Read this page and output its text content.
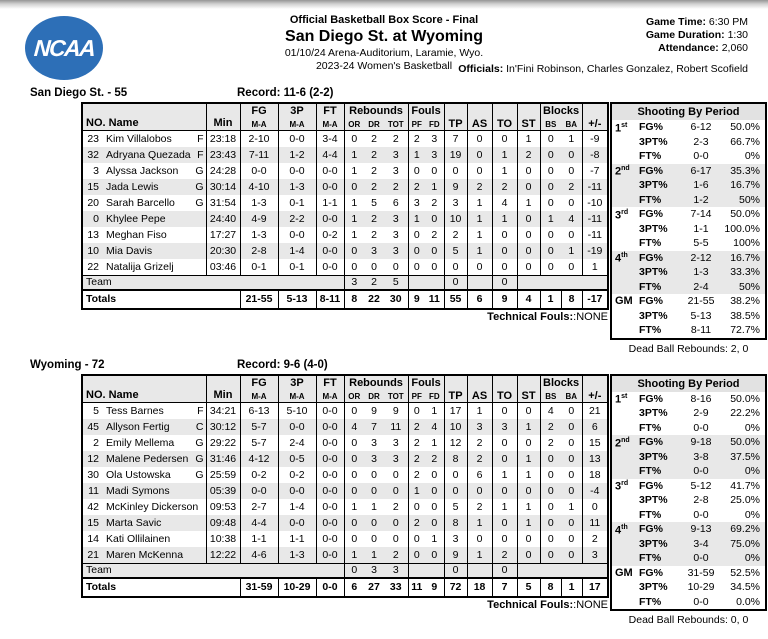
NCAA
®
Official Basketball Box Score - Final
San Diego St. at Wyoming
01/10/24 Arena-Auditorium, Laramie, Wyo.
2023-24 Women's Basketball
Game Time: 6:30 PM
Game Duration: 1:30
Attendance: 2,060
Officials: In'Fini Robinson, Charles Gonzalez, Robert Scofield
San Diego St. - 55	Record: 11-6 (2-2)
				FG	3P	FT	Rebounds			Fouls		TP	AS	TO	ST	Blocks		+/-
NO. Name			Min	M-A	M-A	M-A	OR	DR	TOT	PF	FD					BS	BA	
23	Kim Villalobos	F	23:18	2-10	0-0	3-4	0	2	2	2	3	7	0	0	1	0	1	-9
32	Adryana Quezada	F	23:43	7-11	1-2	4-4	1	2	3	1	3	19	0	1	2	0	0	-8
3	Alyssa Jackson	G	24:28	0-0	0-0	0-0	1	2	3	0	0	0	0	1	0	0	0	-7
15	Jada Lewis	G	30:14	4-10	1-3	0-0	0	2	2	2	1	9	2	2	0	0	2	-11
20	Sarah Barcello	G	31:54	1-3	0-1	1-1	1	5	6	3	2	3	1	4	1	0	0	-10
0	Khylee Pepe		24:40	4-9	2-2	0-0	1	2	3	1	0	10	1	1	0	1	4	-11
13	Meghan Fiso		17:27	1-3	0-0	0-2	1	2	3	0	2	2	1	0	0	0	0	-11
10	Mia Davis		20:30	2-8	1-4	0-0	0	3	3	0	0	5	1	0	0	0	1	-19
22	Natalija Grizelj		03:46	0-1	0-1	0-0	0	0	0	0	0	0	0	0	0	0	0	1
Team							3	2	5			0		0				
Totals				21-55	5-13	8-11	8	22	30	9	11	55	6	9	4	1	8	-17
Technical Fouls::NONE
Shooting By Period
1st	FG%	6-12	50.0%
3PT%	2-3	66.7%
FT%	0-0	0%
2nd FG%	6-17	35.3%
3PT%	1-6	16.7%
FT%	1-2	50%
3rd	FG%	7-14	50.0%
3PT%	1-1	100.0%
FT%	5-5	100%
4th	FG%	2-12	16.7%
3PT%	1-3	33.3%
FT%	2-4	50%
GM FG%	21-55	38.2%
3PT%	5-13	38.5%
FT%	8-11	72.7%
Dead Ball Rebounds: 2, 0
Wyoming - 72	Record: 9-6 (4-0)
				FG	3P	FT	Rebounds			Fouls		TP	AS	TO	ST	Blocks		+/-
NO. Name			Min	M-A	M-A	M-A	OR	DR	TOT	PF	FD					BS	BA	
5	Tess Barnes	F	34:21	6-13	5-10	0-0	0	9	9	0	1	17	1	0	0	4	0	21
45	Allyson Fertig	C	30:12	5-7	0-0	0-0	4	7	11	2	4	10	3	3	1	2	0	6
2	Emily Mellema	G	29:22	5-7	2-4	0-0	0	3	3	2	1	12	2	0	0	2	0	15
12	Malene Pedersen	G	31:46	4-12	0-5	0-0	0	3	3	2	2	8	2	0	1	0	0	13
30	Ola Ustowska	G	25:59	0-2	0-2	0-0	0	0	0	2	0	0	6	1	1	0	0	18
11	Madi Symons		05:39	0-0	0-0	0-0	0	0	0	1	0	0	0	0	0	0	0	-4
42	McKinley Dickerson		09:53	2-7	1-4	0-0	1	1	2	0	0	5	2	1	1	0	1	0
15	Marta Savic		09:48	4-4	0-0	0-0	0	0	0	2	0	8	1	0	1	0	0	11
14	Kati Ollilainen		10:38	1-1	1-1	0-0	0	0	0	0	1	3	0	0	0	0	0	2
21	Maren McKenna		12:22	4-6	1-3	0-0	1	1	2	0	0	9	1	2	0	0	0	3
Team							0	3	3			0		0				
Totals				31-59	10-29	0-0	6	27	33	11	9	72	18	7	5	8	1	17
Technical Fouls::NONE
Shooting By Period
1st	FG%	8-16	50.0%
3PT%	2-9	22.2%
FT%	0-0	0%
2nd FG%	9-18	50.0%
3PT%	3-8	37.5%
FT%	0-0	0%
3rd	FG%	5-12	41.7%
3PT%	2-8	25.0%
FT%	0-0	0%
4th	FG%	9-13	69.2%
3PT%	3-4	75.0%
FT%	0-0	0%
GM FG%	31-59	52.5%
3PT%	10-29	34.5%
FT%	0-0	0.0%
Dead Ball Rebounds: 0, 0
